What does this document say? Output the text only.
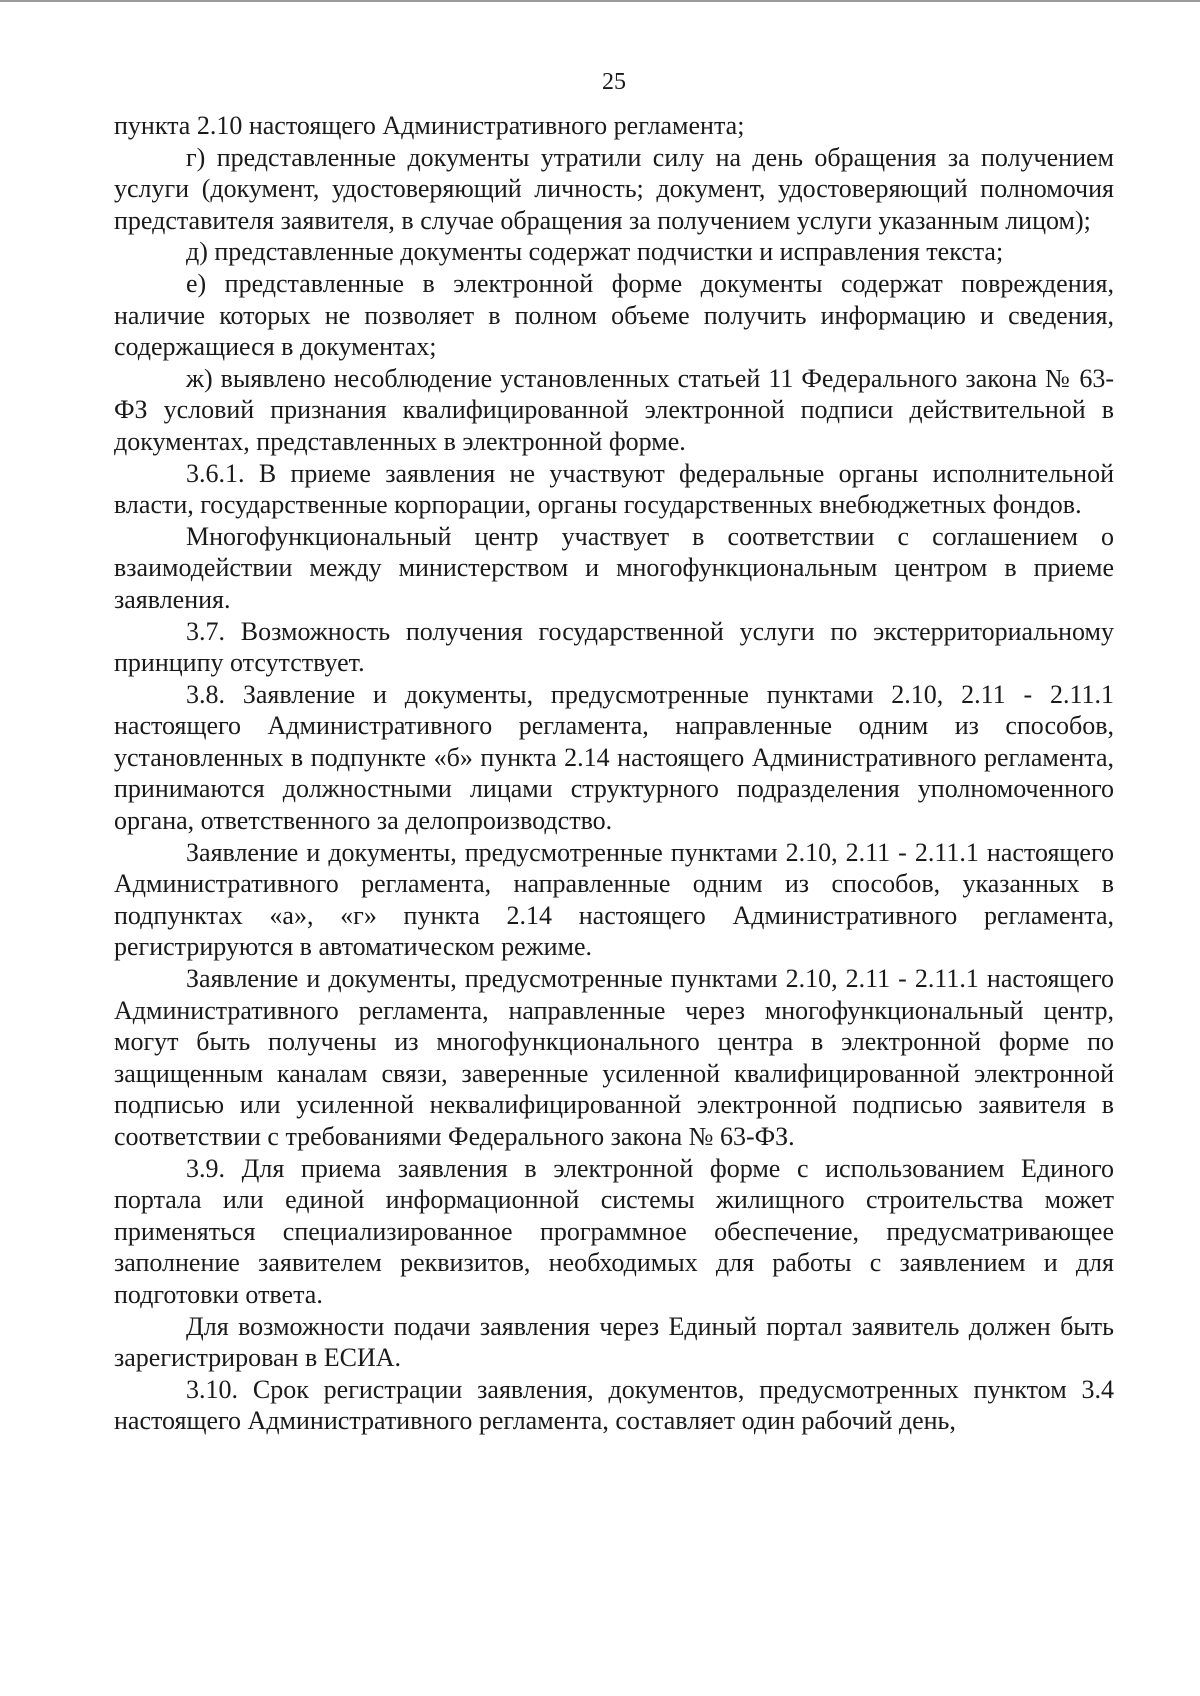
25

пункта 2.10 настоящего Административного регламента;

г) представленные документы утратили силу на день обращения за получением услуги (документ, удостоверяющий личность; документ, удостоверяющий полномочия представителя заявителя, в случае обращения за получением услуги указанным лицом);

д) представленные документы содержат подчистки и исправления текста;

е) представленные в электронной форме документы содержат повреждения, наличие которых не позволяет в полном объеме получить информацию и сведения, содержащиеся в документах;

ж) выявлено несоблюдение установленных статьей 11 Федерального закона № 63-ФЗ условий признания квалифицированной электронной подписи действительной в документах, представленных в электронной форме.

3.6.1. В приеме заявления не участвуют федеральные органы исполнительной власти, государственные корпорации, органы государственных внебюджетных фондов.

Многофункциональный центр участвует в соответствии с соглашением о взаимодействии между министерством и многофункциональным центром в приеме заявления.

3.7. Возможность получения государственной услуги по экстерриториальному принципу отсутствует.

3.8. Заявление и документы, предусмотренные пунктами 2.10, 2.11 - 2.11.1 настоящего Административного регламента, направленные одним из способов, установленных в подпункте «б» пункта 2.14 настоящего Административного регламента, принимаются должностными лицами структурного подразделения уполномоченного органа, ответственного за делопроизводство.

Заявление и документы, предусмотренные пунктами 2.10, 2.11 - 2.11.1 настоящего Административного регламента, направленные одним из способов, указанных в подпунктах «а», «г» пункта 2.14 настоящего Административного регламента, регистрируются в автоматическом режиме.

Заявление и документы, предусмотренные пунктами 2.10, 2.11 - 2.11.1 настоящего Административного регламента, направленные через многофункциональный центр, могут быть получены из многофункционального центра в электронной форме по защищенным каналам связи, заверенные усиленной квалифицированной электронной подписью или усиленной неквалифицированной электронной подписью заявителя в соответствии с требованиями Федерального закона № 63-ФЗ.

3.9. Для приема заявления в электронной форме с использованием Единого портала или единой информационной системы жилищного строительства может применяться специализированное программное обеспечение, предусматривающее заполнение заявителем реквизитов, необходимых для работы с заявлением и для подготовки ответа.

Для возможности подачи заявления через Единый портал заявитель должен быть зарегистрирован в ЕСИА.

3.10. Срок регистрации заявления, документов, предусмотренных пунктом 3.4 настоящего Административного регламента, составляет один рабочий день,
